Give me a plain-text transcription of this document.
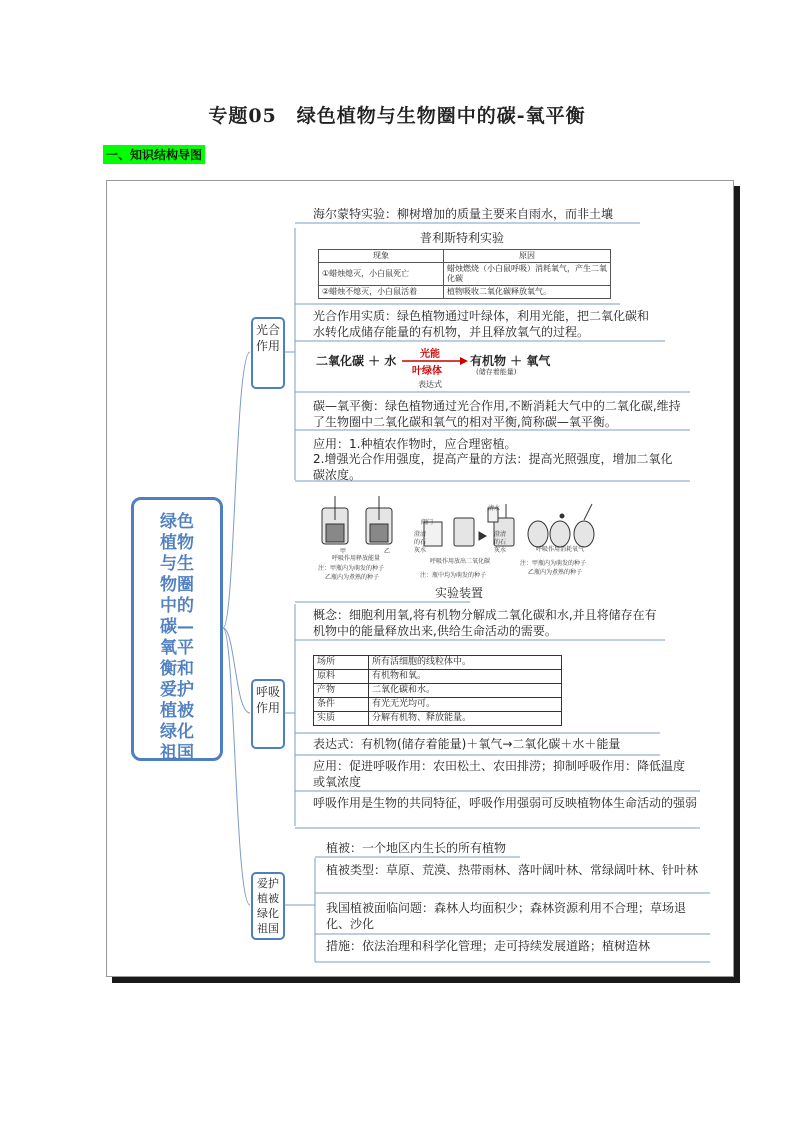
专题05　绿色植物与生物圈中的碳-氧平衡
一、知识结构导图
绿色植物与生物圈中的碳—氧平衡和爱护植被绿化祖国
光合作用
呼吸作用
爱护植被绿化祖国
海尔蒙特实验：柳树增加的质量主要来自雨水，而非土壤
普利斯特利实验
现象	原因
①蜡烛熄灭，小白鼠死亡	蜡烛燃烧（小白鼠呼吸）消耗氧气，产生二氧化碳
②蜡烛不熄灭，小白鼠活着	植物吸收二氧化碳释放氧气。
光合作用实质：绿色植物通过叶绿体，利用光能，把二氧化碳和水转化成储存能量的有机物，并且释放氧气的过程。
二氧化碳 ＋ 水 光能
叶绿体
有机物 ＋ 氧气
(储存着能量)
表达式
碳—氧平衡：绿色植物通过光合作用,不断消耗大气中的二氧化碳,维持了生物圈中二氧化碳和氧气的相对平衡,简称碳—氧平衡。
应用：1.种植农作物时，应合理密植。
2.增强光合作用强度，提高产量的方法：提高光照强度，增加二氧化碳浓度。
甲	乙
呼吸作用释放能量
注：甲瓶内为萌发的种子
乙瓶内为煮熟的种子
清水
阀门
澄清的石灰水
澄清的石灰水
呼吸作用放出二氧化碳
注：瓶中均为萌发的种子
呼吸作用消耗氧气
注：甲瓶内为萌发的种子
乙瓶内为煮熟的种子
实验装置
概念：细胞利用氧,将有机物分解成二氧化碳和水,并且将储存在有机物中的能量释放出来,供给生命活动的需要。
场所	所有活细胞的线粒体中。
原料	有机物和氧。
产物	二氧化碳和水。
条件	有光无光均可。
实质	分解有机物、释放能量。
表达式：有机物(储存着能量)＋氧气→二氧化碳＋水＋能量
应用：促进呼吸作用：农田松土、农田排涝；抑制呼吸作用：降低温度或氧浓度
呼吸作用是生物的共同特征，呼吸作用强弱可反映植物体生命活动的强弱
植被：一个地区内生长的所有植物
植被类型：草原、荒漠、热带雨林、落叶阔叶林、常绿阔叶林、针叶林
我国植被面临问题：森林人均面积少；森林资源利用不合理；草场退化、沙化
措施：依法治理和科学化管理；走可持续发展道路；植树造林
